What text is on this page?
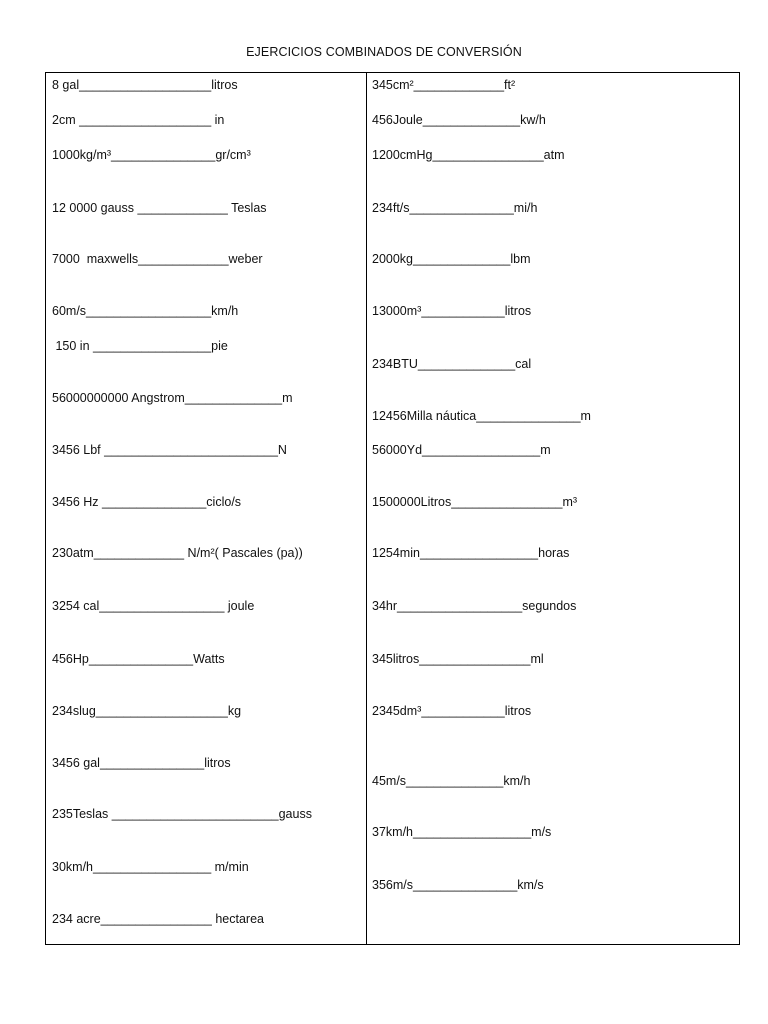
EJERCICIOS COMBINADOS DE CONVERSIÓN
8 gal___________________litros
2cm ___________________ in
1000kg/m³_______________gr/cm³
12 0000 gauss _____________ Teslas
7000  maxwells_____________weber
60m/s__________________km/h
150 in _________________pie
56000000000 Angstrom______________m
3456 Lbf _________________________N
3456 Hz _______________ciclo/s
230atm_____________ N/m²( Pascales (pa))
3254 cal__________________ joule
456Hp_______________Watts
234slug___________________kg
3456 gal_______________litros
235Teslas ________________________gauss
30km/h_________________ m/min
234 acre________________ hectarea
345cm²_____________ft²
456Joule______________kw/h
1200cmHg________________atm
234ft/s_______________mi/h
2000kg______________lbm
13000m³____________litros
234BTU______________cal
12456Milla náutica_______________m
56000Yd_________________m
1500000Litros________________m³
1254min_________________horas
34hr__________________segundos
345litros________________ml
2345dm³____________litros
45m/s______________km/h
37km/h_________________m/s
356m/s_______________km/s
